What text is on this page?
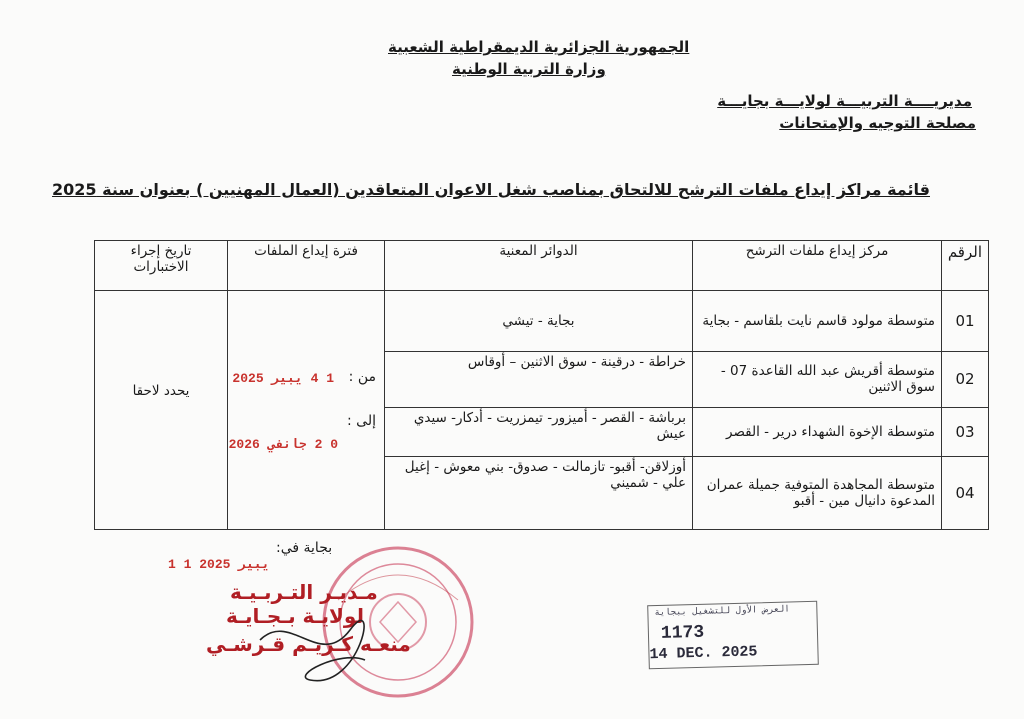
الجمهورية الجزائرية الديمقراطية الشعبية
وزارة التربية الوطنية
مديريــــة التربيـــة لولايـــة بجايـــة
مصلحة التوجيه والإمتحانات
قائمة مراكز إيداع ملفات الترشح للالتحاق بمناصب شغل الاعوان المتعاقدين (العمال المهنيين ) بعنوان سنة 2025
الرقم	مركز إيداع ملفات الترشح	الدوائر المعنية	فترة إيداع الملفات	تاريخ إجراء الاختبارات
01	متوسطة مولود قاسم نايت بلقاسم - بجاية	بجاية - تيشي	من :
1 4 يبير 2025
إلى :
0 2 جانفي 2026	يحدد لاحقا
02	متوسطة أقريش عبد الله القاعدة 07 - سوق الاثنين	خراطة - درقينة - سوق الاثنين – أوقاس		
03	متوسطة الإخوة الشهداء درير - القصر	برباشة - القصر - أميزور- تيمزريت - أدكار- سيدي عيش		
04	متوسطة المجاهدة المتوفية جميلة عمران المدعوة دانيال مين - أقبو	أوزلاقن- أقبو- تازمالت - صدوق- بني معوش - إغيل علي - شميني		
بجاية في:
1 1 يبير 2025
مـديـر التـربـيـة
لولايـة بـجـايـة
منعـه كـريـم قـرشـي
العرض الأول للتشغيل ببجاية
1173
14 DEC. 2025
